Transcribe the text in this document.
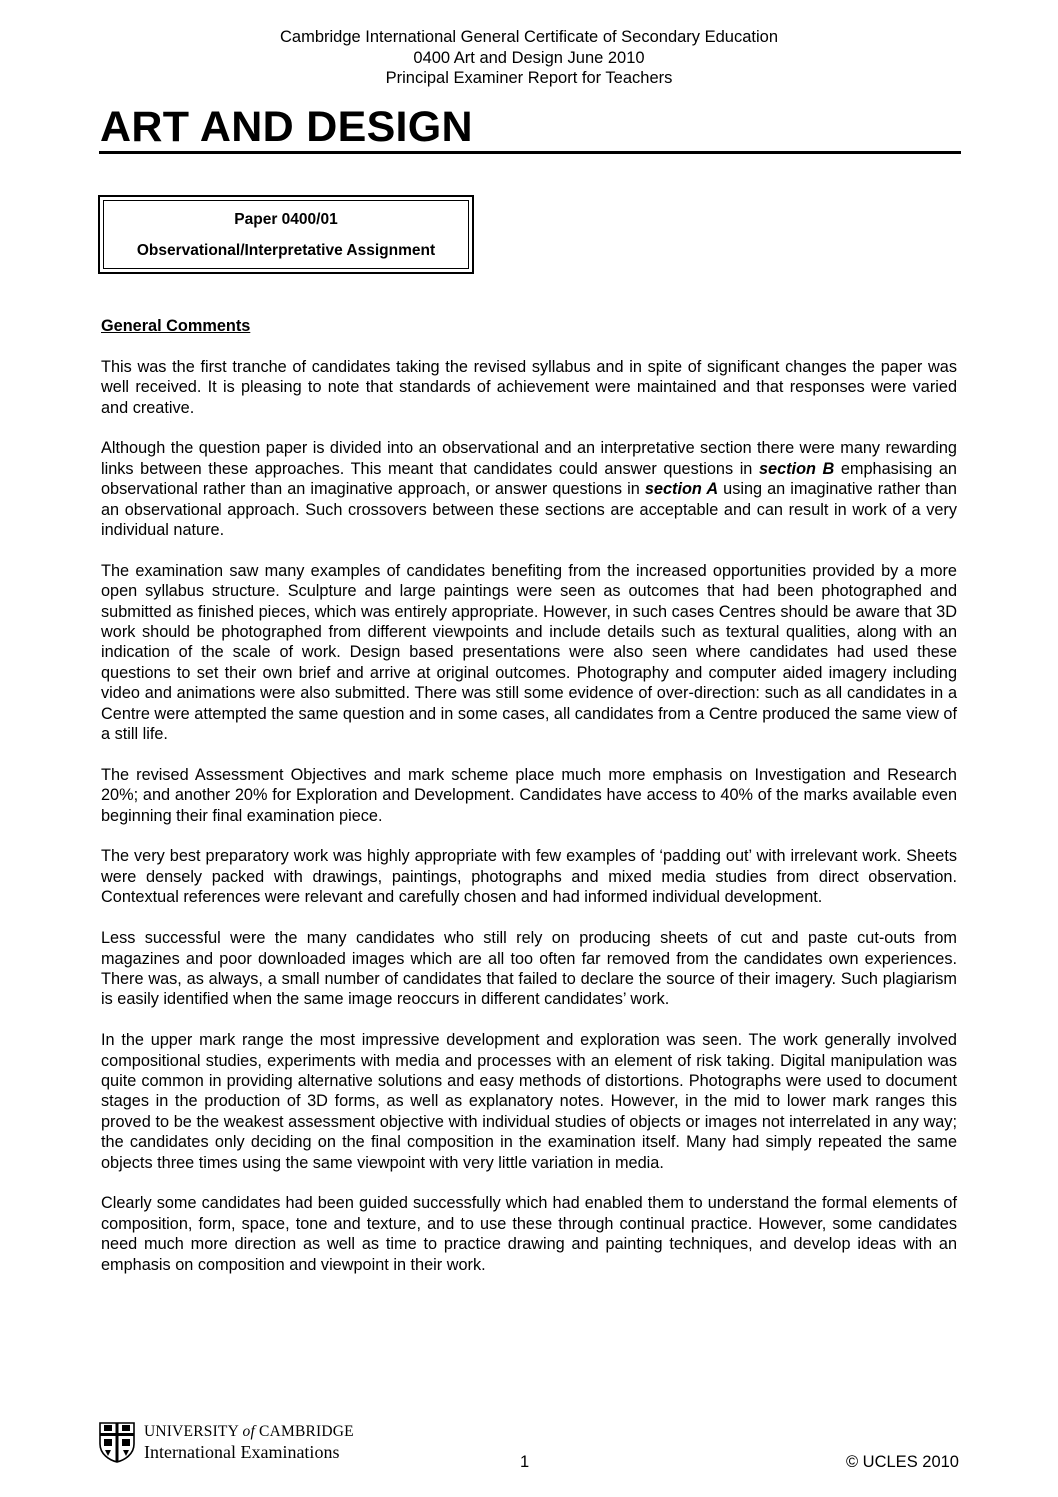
Cambridge International General Certificate of Secondary Education
0400 Art and Design June 2010
Principal Examiner Report for Teachers
ART AND DESIGN
Paper 0400/01
Observational/Interpretative Assignment

General Comments

This was the first tranche of candidates taking the revised syllabus and in spite of significant changes the paper was well received. It is pleasing to note that standards of achievement were maintained and that responses were varied and creative.

Although the question paper is divided into an observational and an interpretative section there were many rewarding links between these approaches. This meant that candidates could answer questions in section B emphasising an observational rather than an imaginative approach, or answer questions in section A using an imaginative rather than an observational approach. Such crossovers between these sections are acceptable and can result in work of a very individual nature.

The examination saw many examples of candidates benefiting from the increased opportunities provided by a more open syllabus structure. Sculpture and large paintings were seen as outcomes that had been photographed and submitted as finished pieces, which was entirely appropriate. However, in such cases Centres should be aware that 3D work should be photographed from different viewpoints and include details such as textural qualities, along with an indication of the scale of work. Design based presentations were also seen where candidates had used these questions to set their own brief and arrive at original outcomes. Photography and computer aided imagery including video and animations were also submitted. There was still some evidence of over-direction: such as all candidates in a Centre were attempted the same question and in some cases, all candidates from a Centre produced the same view of a still life.

The revised Assessment Objectives and mark scheme place much more emphasis on Investigation and Research 20%; and another 20% for Exploration and Development. Candidates have access to 40% of the marks available even beginning their final examination piece.

The very best preparatory work was highly appropriate with few examples of ‘padding out’ with irrelevant work. Sheets were densely packed with drawings, paintings, photographs and mixed media studies from direct observation. Contextual references were relevant and carefully chosen and had informed individual development.

Less successful were the many candidates who still rely on producing sheets of cut and paste cut-outs from magazines and poor downloaded images which are all too often far removed from the candidates own experiences. There was, as always, a small number of candidates that failed to declare the source of their imagery. Such plagiarism is easily identified when the same image reoccurs in different candidates’ work.

In the upper mark range the most impressive development and exploration was seen. The work generally involved compositional studies, experiments with media and processes with an element of risk taking. Digital manipulation was quite common in providing alternative solutions and easy methods of distortions. Photographs were used to document stages in the production of 3D forms, as well as explanatory notes. However, in the mid to lower mark ranges this proved to be the weakest assessment objective with individual studies of objects or images not interrelated in any way; the candidates only deciding on the final composition in the examination itself. Many had simply repeated the same objects three times using the same viewpoint with very little variation in media.

Clearly some candidates had been guided successfully which had enabled them to understand the formal elements of composition, form, space, tone and texture, and to use these through continual practice. However, some candidates need much more direction as well as time to practice drawing and painting techniques, and develop ideas with an emphasis on composition and viewpoint in their work.

UNIVERSITY of CAMBRIDGE
International Examinations	1	© UCLES 2010
